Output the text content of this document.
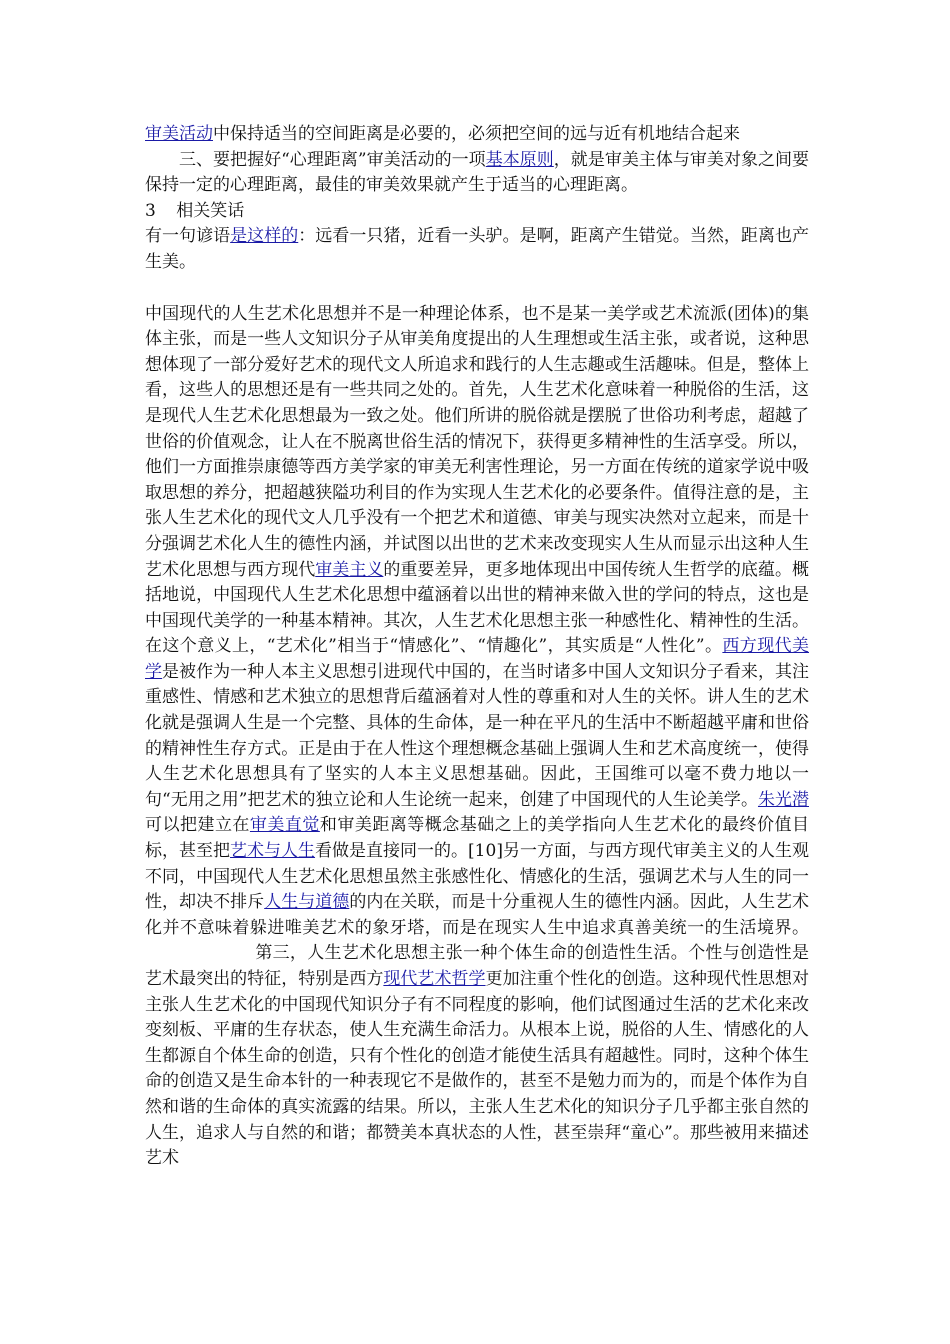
审美活动中保持适当的空间距离是必要的，必须把空间的远与近有机地结合起来

三、要把握好“心理距离”审美活动的一项基本原则，就是审美主体与审美对象之间要保持一定的心理距离，最佳的审美效果就产生于适当的心理距离。

3 相关笑话

有一句谚语是这样的：远看一只猪，近看一头驴。是啊，距离产生错觉。当然，距离也产生美。

中国现代的人生艺术化思想并不是一种理论体系，也不是某一美学或艺术流派(团体)的集体主张，而是一些人文知识分子从审美角度提出的人生理想或生活主张，或者说，这种思想体现了一部分爱好艺术的现代文人所追求和践行的人生志趣或生活趣味。但是，整体上看，这些人的思想还是有一些共同之处的。首先，人生艺术化意味着一种脱俗的生活，这是现代人生艺术化思想最为一致之处。他们所讲的脱俗就是摆脱了世俗功利考虑，超越了世俗的价值观念，让人在不脱离世俗生活的情况下，获得更多精神性的生活享受。所以，他们一方面推崇康德等西方美学家的审美无利害性理论，另一方面在传统的道家学说中吸取思想的养分，把超越狭隘功利目的作为实现人生艺术化的必要条件。值得注意的是，主张人生艺术化的现代文人几乎没有一个把艺术和道德、审美与现实决然对立起来，而是十分强调艺术化人生的德性内涵，并试图以出世的艺术来改变现实人生从而显示出这种人生艺术化思想与西方现代审美主义的重要差异，更多地体现出中国传统人生哲学的底蕴。概括地说，中国现代人生艺术化思想中蕴涵着以出世的精神来做入世的学问的特点，这也是中国现代美学的一种基本精神。其次，人生艺术化思想主张一种感性化、精神性的生活。在这个意义上，“艺术化”相当于“情感化”、“情趣化”，其实质是“人性化”。西方现代美学是被作为一种人本主义思想引进现代中国的，在当时诸多中国人文知识分子看来，其注重感性、情感和艺术独立的思想背后蕴涵着对人性的尊重和对人生的关怀。讲人生的艺术化就是强调人生是一个完整、具体的生命体，是一种在平凡的生活中不断超越平庸和世俗的精神性生存方式。正是由于在人性这个理想概念基础上强调人生和艺术高度统一，使得人生艺术化思想具有了坚实的人本主义思想基础。因此，王国维可以毫不费力地以一句“无用之用”把艺术的独立论和人生论统一起来，创建了中国现代的人生论美学。朱光潜可以把建立在审美直觉和审美距离等概念基础之上的美学指向人生艺术化的最终价值目标，甚至把艺术与人生看做是直接同一的。[10]另一方面，与西方现代审美主义的人生观不同，中国现代人生艺术化思想虽然主张感性化、情感化的生活，强调艺术与人生的同一性，却决不排斥人生与道德的内在关联，而是十分重视人生的德性内涵。因此，人生艺术化并不意味着躲进唯美艺术的象牙塔，而是在现实人生中追求真善美统一的生活境界。第三，人生艺术化思想主张一种个体生命的创造性生活。个性与创造性是艺术最突出的特征，特别是西方现代艺术哲学更加注重个性化的创造。这种现代性思想对主张人生艺术化的中国现代知识分子有不同程度的影响，他们试图通过生活的艺术化来改变刻板、平庸的生存状态，使人生充满生命活力。从根本上说，脱俗的人生、情感化的人生都源自个体生命的创造，只有个性化的创造才能使生活具有超越性。同时，这种个体生命的创造又是生命本针的一种表现它不是做作的，甚至不是勉力而为的，而是个体作为自然和谐的生命体的真实流露的结果。所以，主张人生艺术化的知识分子几乎都主张自然的人生，追求人与自然的和谐；都赞美本真状态的人性，甚至崇拜“童心”。那些被用来描述艺术
